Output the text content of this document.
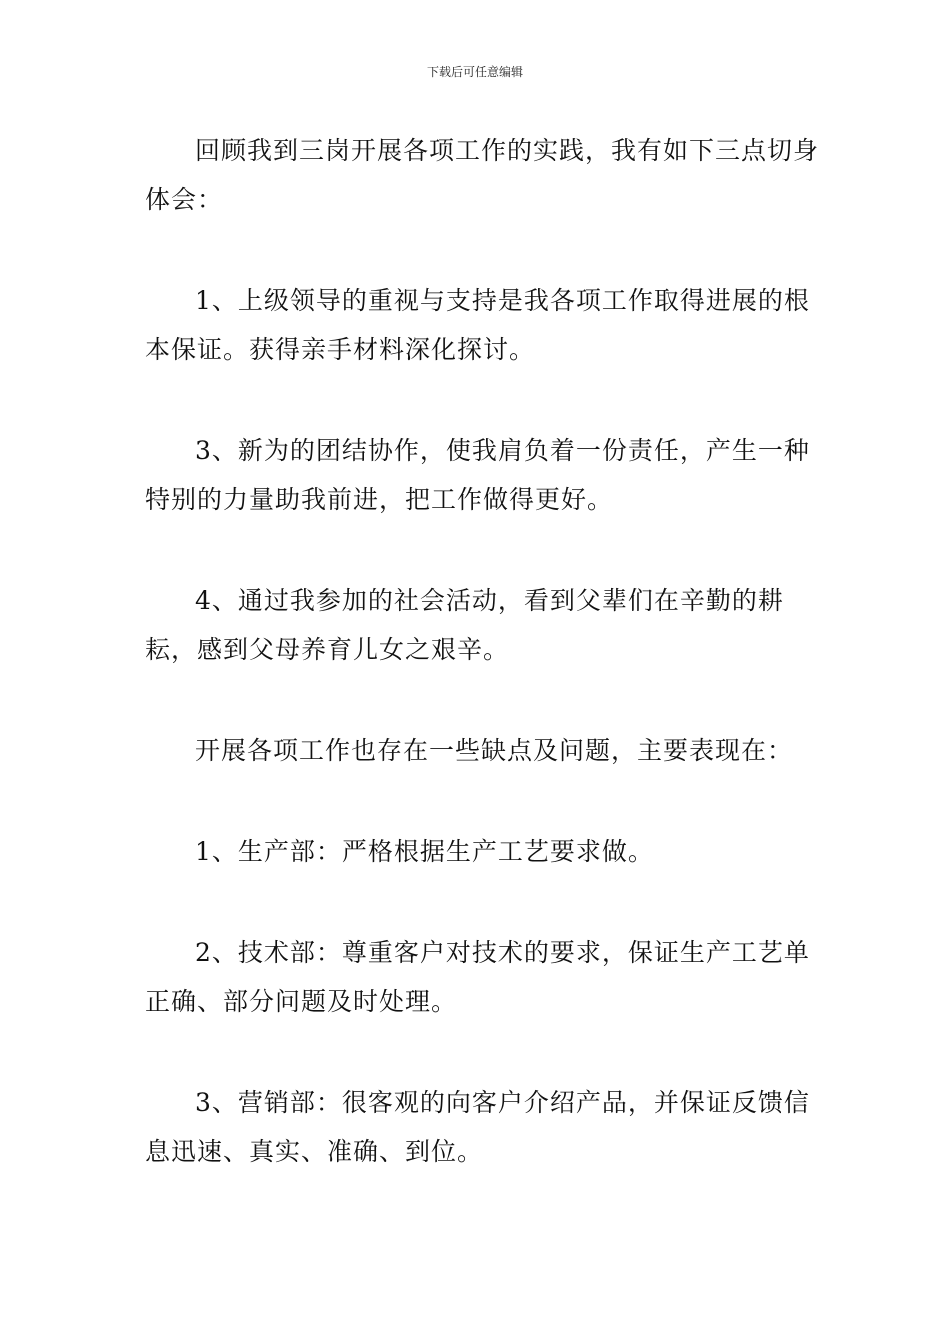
下载后可任意编辑

回顾我到三岗开展各项工作的实践，我有如下三点切身体会：

1、上级领导的重视与支持是我各项工作取得进展的根本保证。获得亲手材料深化探讨。

3、新为的团结协作，使我肩负着一份责任，产生一种特别的力量助我前进，把工作做得更好。

4、通过我参加的社会活动，看到父辈们在辛勤的耕耘，感到父母养育儿女之艰辛。

开展各项工作也存在一些缺点及问题，主要表现在：

1、生产部：严格根据生产工艺要求做。

2、技术部：尊重客户对技术的要求，保证生产工艺单正确、部分问题及时处理。

3、营销部：很客观的向客户介绍产品，并保证反馈信息迅速、真实、准确、到位。
